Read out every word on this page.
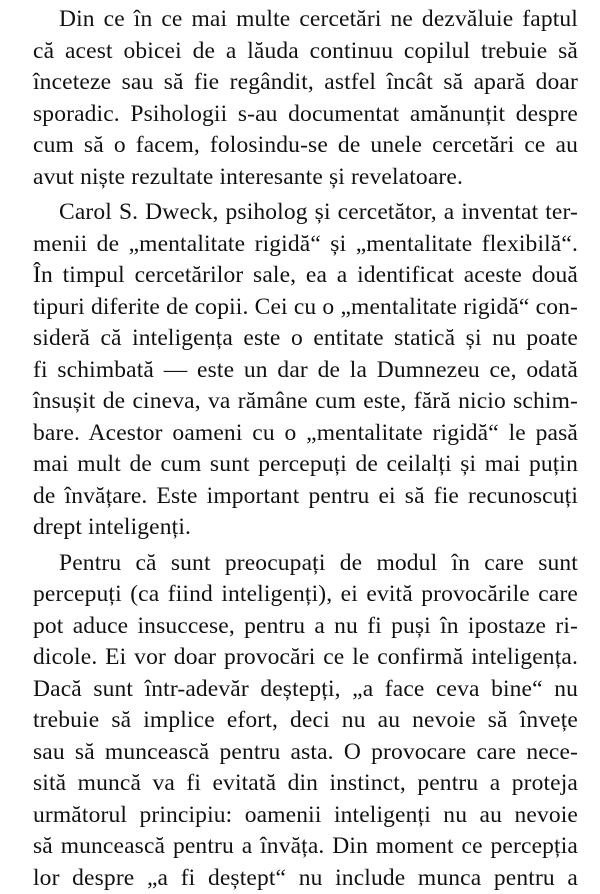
Din ce în ce mai multe cercetări ne dezvăluie faptul
că acest obicei de a lăuda continuu copilul trebuie să
înceteze sau să fie regândit, astfel încât să apară doar
sporadic. Psihologii s-au documentat amănunțit despre
cum să o facem, folosindu-se de unele cercetări ce au
avut niște rezultate interesante și revelatoare.

Carol S. Dweck, psiholog și cercetător, a inventat ter-
menii de „mentalitate rigidă“ și „mentalitate flexibilă“.
În timpul cercetărilor sale, ea a identificat aceste două
tipuri diferite de copii. Cei cu o „mentalitate rigidă“ con-
sideră că inteligența este o entitate statică și nu poate
fi schimbată — este un dar de la Dumnezeu ce, odată
însușit de cineva, va rămâne cum este, fără nicio schim-
bare. Acestor oameni cu o „mentalitate rigidă“ le pasă
mai mult de cum sunt percepuți de ceilalți și mai puțin
de învățare. Este important pentru ei să fie recunoscuți
drept inteligenți.

Pentru că sunt preocupați de modul în care sunt
percepuți (ca fiind inteligenți), ei evită provocările care
pot aduce insuccese, pentru a nu fi puși în ipostaze ri-
dicole. Ei vor doar provocări ce le confirmă inteligența.
Dacă sunt într-adevăr deștepți, „a face ceva bine“ nu
trebuie să implice efort, deci nu au nevoie să învețe
sau să muncească pentru asta. O provocare care nece-
sită muncă va fi evitată din instinct, pentru a proteja
următorul principiu: oamenii inteligenți nu au nevoie
să muncească pentru a învăța. Din moment ce percepția
lor despre „a fi deștept“ nu include munca pentru a
